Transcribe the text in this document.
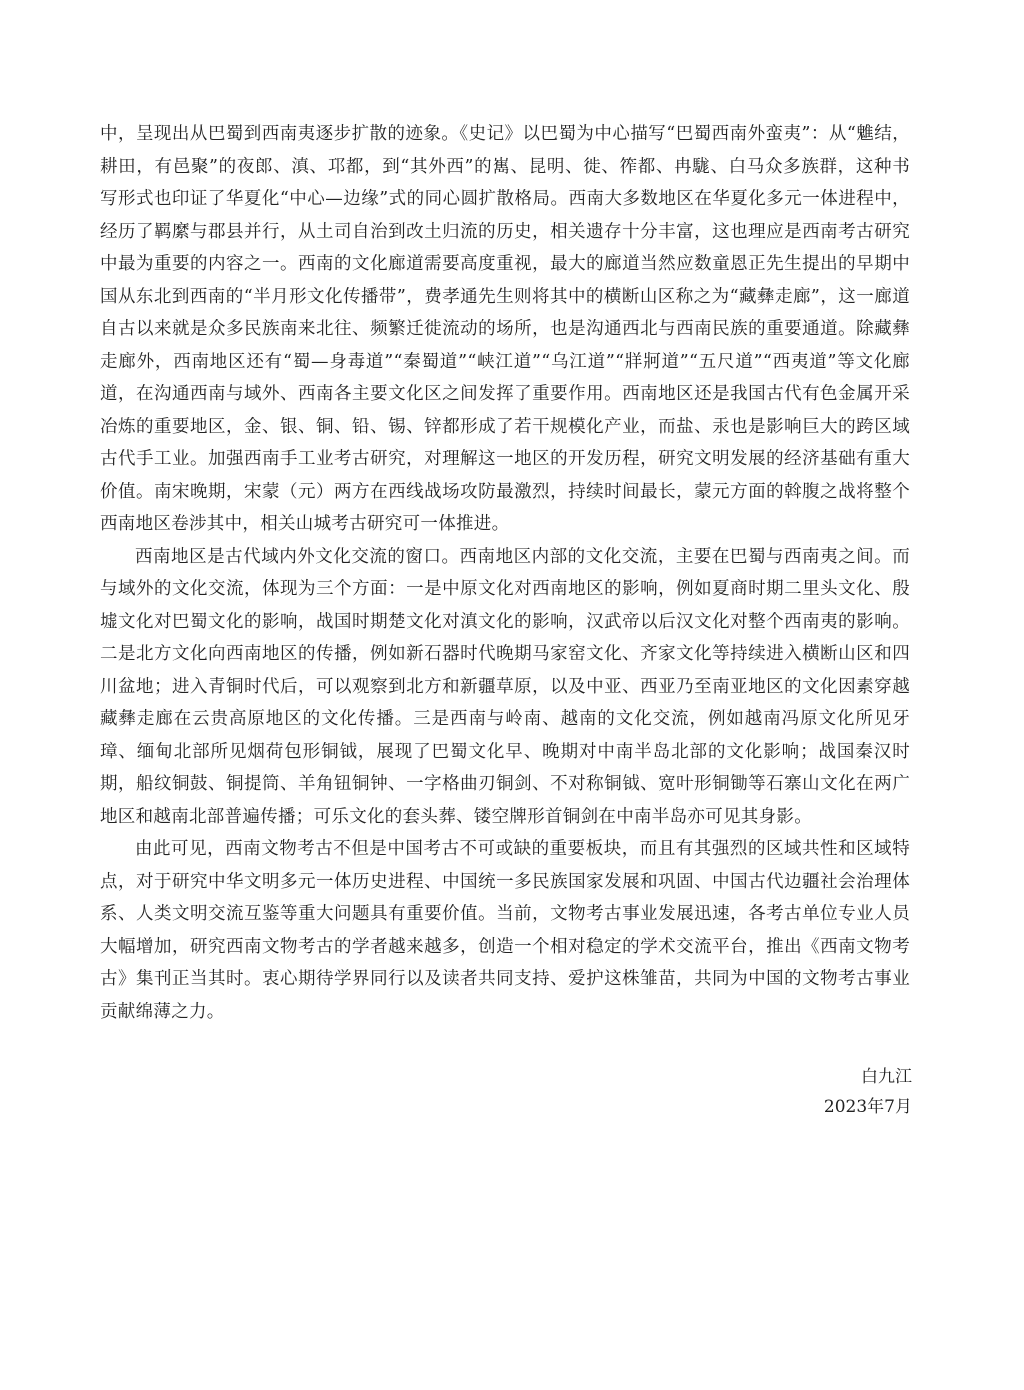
中，呈现出从巴蜀到西南夷逐步扩散的迹象。《史记》以巴蜀为中心描写“巴蜀西南外蛮夷”：从“魋结，耕田，有邑聚”的夜郎、滇、邛都，到“其外西”的嶲、昆明、徙、筰都、冉駹、白马众多族群，这种书写形式也印证了华夏化“中心—边缘”式的同心圆扩散格局。西南大多数地区在华夏化多元一体进程中，经历了羁縻与郡县并行，从土司自治到改土归流的历史，相关遗存十分丰富，这也理应是西南考古研究中最为重要的内容之一。西南的文化廊道需要高度重视，最大的廊道当然应数童恩正先生提出的早期中国从东北到西南的“半月形文化传播带”，费孝通先生则将其中的横断山区称之为“藏彝走廊”，这一廊道自古以来就是众多民族南来北往、频繁迁徙流动的场所，也是沟通西北与西南民族的重要通道。除藏彝走廊外，西南地区还有“蜀—身毒道”“秦蜀道”“峡江道”“乌江道”“牂牁道”“五尺道”“西夷道”等文化廊道，在沟通西南与域外、西南各主要文化区之间发挥了重要作用。西南地区还是我国古代有色金属开采冶炼的重要地区，金、银、铜、铅、锡、锌都形成了若干规模化产业，而盐、汞也是影响巨大的跨区域古代手工业。加强西南手工业考古研究，对理解这一地区的开发历程，研究文明发展的经济基础有重大价值。南宋晚期，宋蒙（元）两方在西线战场攻防最激烈，持续时间最长，蒙元方面的斡腹之战将整个西南地区卷涉其中，相关山城考古研究可一体推进。

西南地区是古代域内外文化交流的窗口。西南地区内部的文化交流，主要在巴蜀与西南夷之间。而与域外的文化交流，体现为三个方面：一是中原文化对西南地区的影响，例如夏商时期二里头文化、殷墟文化对巴蜀文化的影响，战国时期楚文化对滇文化的影响，汉武帝以后汉文化对整个西南夷的影响。二是北方文化向西南地区的传播，例如新石器时代晚期马家窑文化、齐家文化等持续进入横断山区和四川盆地；进入青铜时代后，可以观察到北方和新疆草原，以及中亚、西亚乃至南亚地区的文化因素穿越藏彝走廊在云贵高原地区的文化传播。三是西南与岭南、越南的文化交流，例如越南冯原文化所见牙璋、缅甸北部所见烟荷包形铜钺，展现了巴蜀文化早、晚期对中南半岛北部的文化影响；战国秦汉时期，船纹铜鼓、铜提筒、羊角钮铜钟、一字格曲刃铜剑、不对称铜钺、宽叶形铜锄等石寨山文化在两广地区和越南北部普遍传播；可乐文化的套头葬、镂空牌形首铜剑在中南半岛亦可见其身影。

由此可见，西南文物考古不但是中国考古不可或缺的重要板块，而且有其强烈的区域共性和区域特点，对于研究中华文明多元一体历史进程、中国统一多民族国家发展和巩固、中国古代边疆社会治理体系、人类文明交流互鉴等重大问题具有重要价值。当前，文物考古事业发展迅速，各考古单位专业人员大幅增加，研究西南文物考古的学者越来越多，创造一个相对稳定的学术交流平台，推出《西南文物考古》集刊正当其时。衷心期待学界同行以及读者共同支持、爱护这株雏苗，共同为中国的文物考古事业贡献绵薄之力。

白九江
2023年7月
